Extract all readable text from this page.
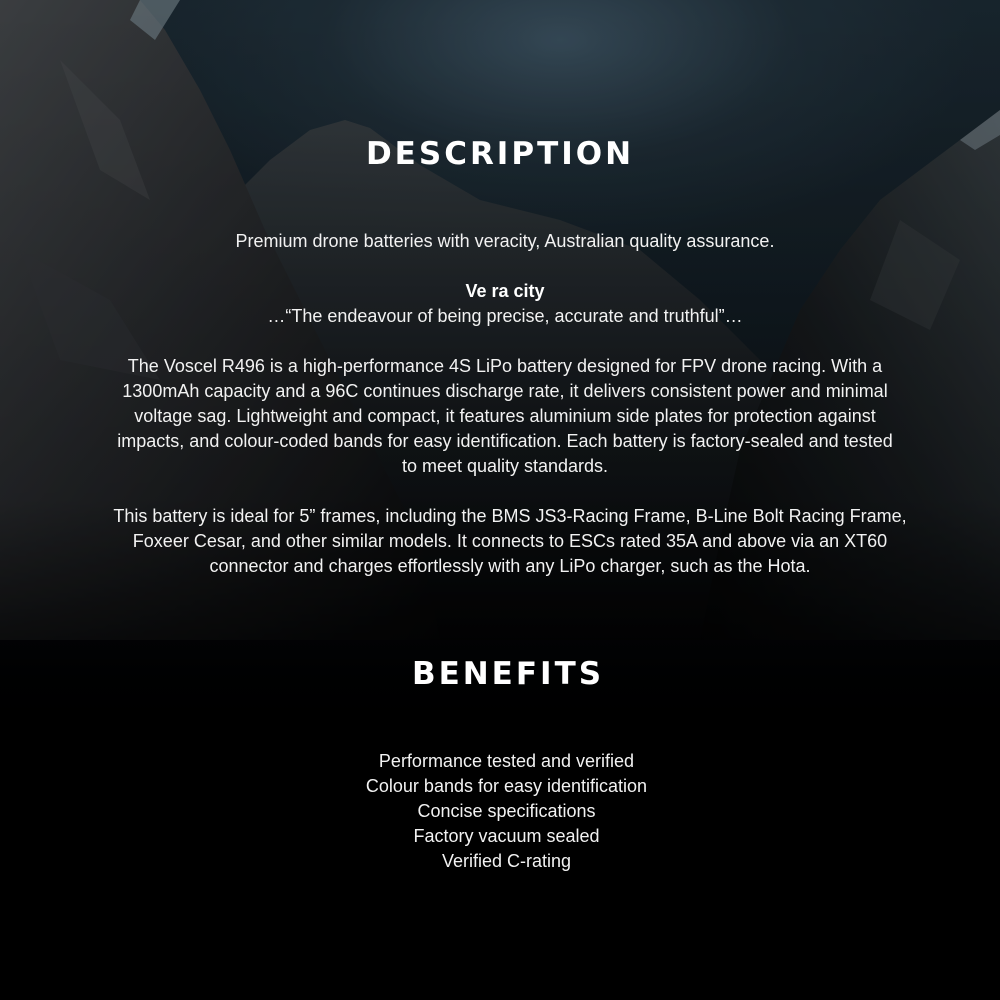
DESCRIPTION

Premium drone batteries with veracity, Australian quality assurance.

Ve ra city

…“The endeavour of being precise, accurate and truthful”…

The Voscel R496 is a high-performance 4S LiPo battery designed for FPV drone racing. With a 1300mAh capacity and a 96C continues discharge rate, it delivers consistent power and minimal voltage sag. Lightweight and compact, it features aluminium side plates for protection against impacts, and colour-coded bands for easy identification. Each battery is factory-sealed and tested to meet quality standards.

This battery is ideal for 5” frames, including the BMS JS3-Racing Frame, B-Line Bolt Racing Frame, Foxeer Cesar, and other similar models. It connects to ESCs rated 35A and above via an XT60 connector and charges effortlessly with any LiPo charger, such as the Hota.

BENEFITS
Performance tested and verified
Colour bands for easy identification
Concise specifications
Factory vacuum sealed
Verified C-rating
